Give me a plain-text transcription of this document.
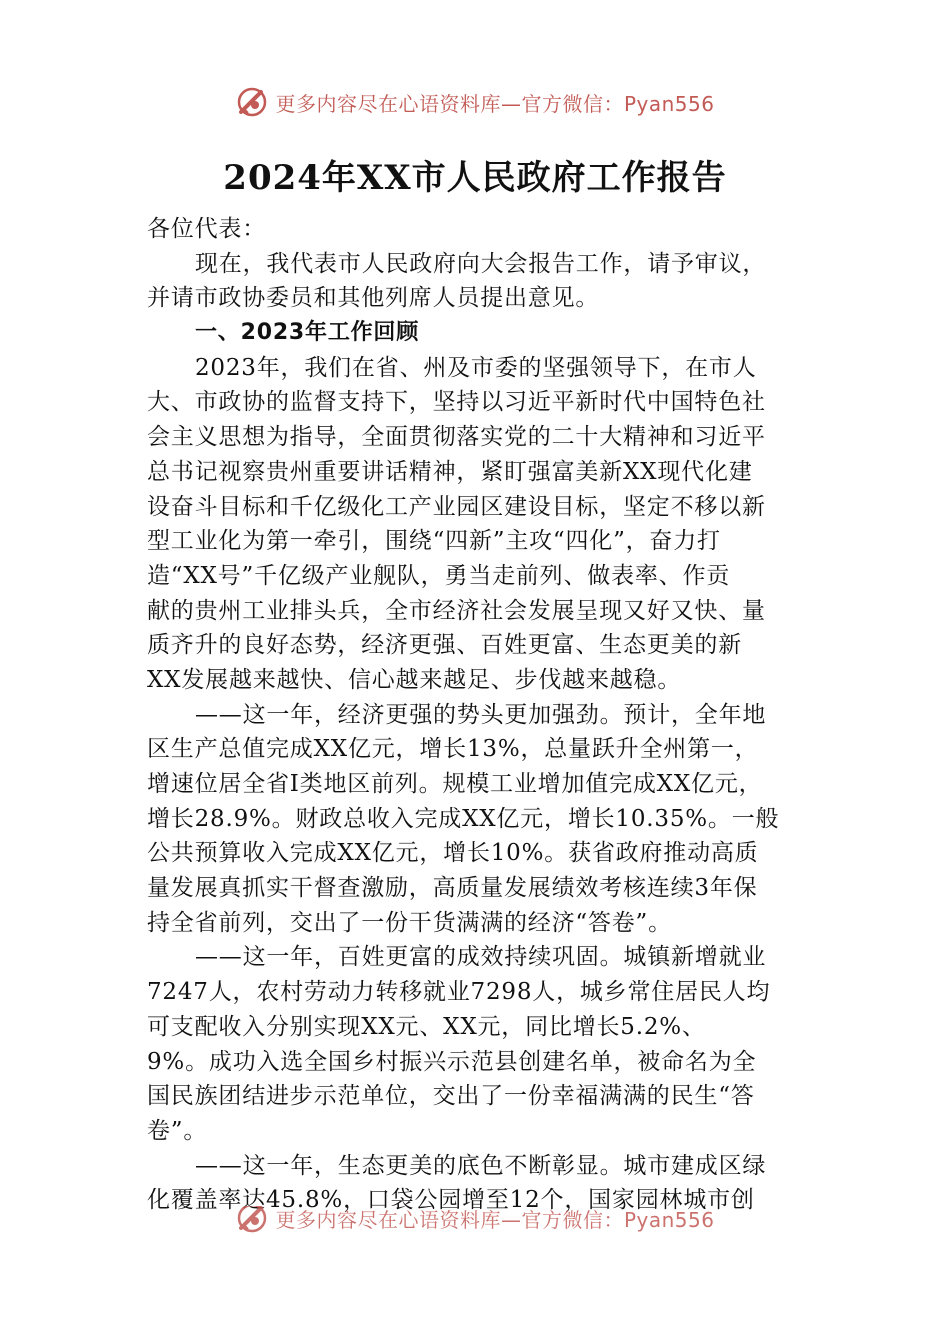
更多内容尽在心语资料库—官方微信：Pyan556
2024年XX市人民政府工作报告
各位代表：
现在，我代表市人民政府向大会报告工作，请予审议，
并请市政协委员和其他列席人员提出意见。
一、2023年工作回顾
2023年，我们在省、州及市委的坚强领导下，在市人
大、市政协的监督支持下，坚持以习近平新时代中国特色社
会主义思想为指导，全面贯彻落实党的二十大精神和习近平
总书记视察贵州重要讲话精神，紧盯强富美新XX现代化建
设奋斗目标和千亿级化工产业园区建设目标，坚定不移以新
型工业化为第一牵引，围绕“四新”主攻“四化”，奋力打
造“XX号”千亿级产业舰队，勇当走前列、做表率、作贡
献的贵州工业排头兵，全市经济社会发展呈现又好又快、量
质齐升的良好态势，经济更强、百姓更富、生态更美的新
XX发展越来越快、信心越来越足、步伐越来越稳。
——这一年，经济更强的势头更加强劲。预计，全年地
区生产总值完成XX亿元，增长13%，总量跃升全州第一，
增速位居全省I类地区前列。规模工业增加值完成XX亿元，
增长28.9%。财政总收入完成XX亿元，增长10.35%。一般
公共预算收入完成XX亿元，增长10%。获省政府推动高质
量发展真抓实干督查激励，高质量发展绩效考核连续3年保
持全省前列，交出了一份干货满满的经济“答卷”。
——这一年，百姓更富的成效持续巩固。城镇新增就业
7247人，农村劳动力转移就业7298人，城乡常住居民人均
可支配收入分别实现XX元、XX元，同比增长5.2%、
9%。成功入选全国乡村振兴示范县创建名单，被命名为全
国民族团结进步示范单位，交出了一份幸福满满的民生“答
卷”。
——这一年，生态更美的底色不断彰显。城市建成区绿
化覆盖率达45.8%，口袋公园增至12个，国家园林城市创
更多内容尽在心语资料库—官方微信：Pyan556
